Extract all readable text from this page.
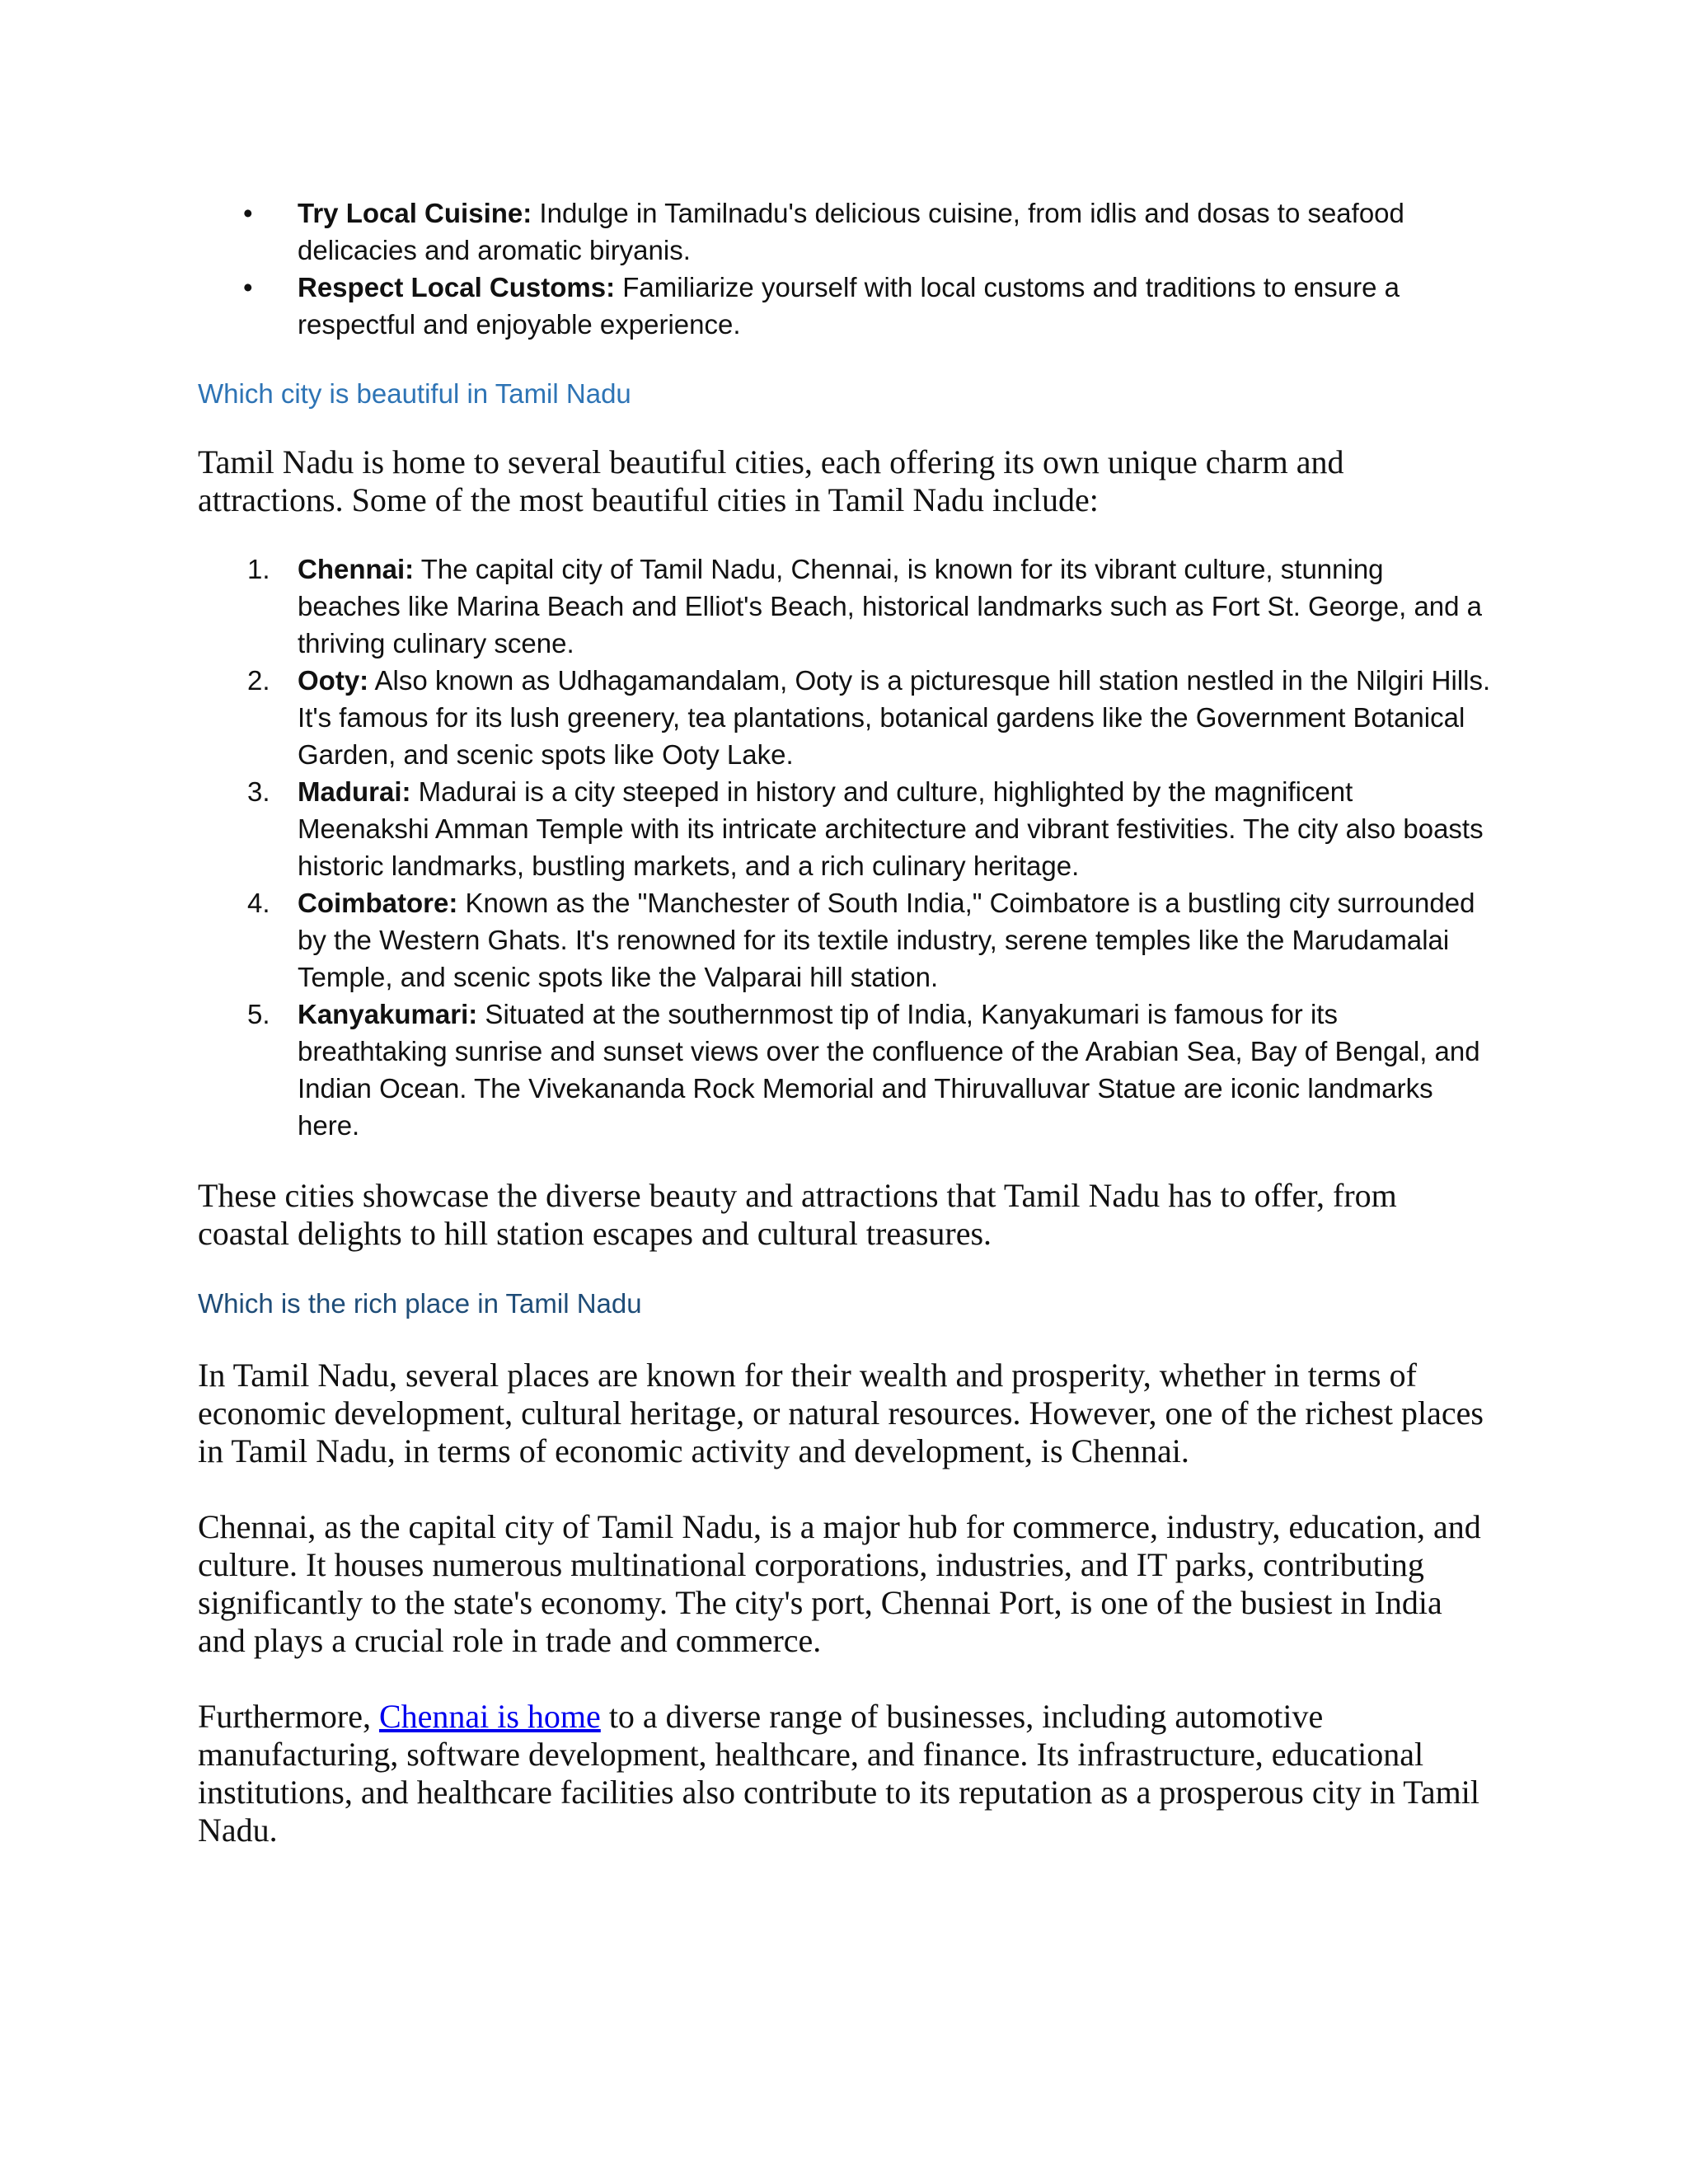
• Try Local Cuisine: Indulge in Tamilnadu's delicious cuisine, from idlis and dosas to seafood delicacies and aromatic biryanis.
• Respect Local Customs: Familiarize yourself with local customs and traditions to ensure a respectful and enjoyable experience.
Which city is beautiful in Tamil Nadu

Tamil Nadu is home to several beautiful cities, each offering its own unique charm and attractions. Some of the most beautiful cities in Tamil Nadu include:

1. Chennai: The capital city of Tamil Nadu, Chennai, is known for its vibrant culture, stunning beaches like Marina Beach and Elliot's Beach, historical landmarks such as Fort St. George, and a thriving culinary scene.
2. Ooty: Also known as Udhagamandalam, Ooty is a picturesque hill station nestled in the Nilgiri Hills. It's famous for its lush greenery, tea plantations, botanical gardens like the Government Botanical Garden, and scenic spots like Ooty Lake.
3. Madurai: Madurai is a city steeped in history and culture, highlighted by the magnificent Meenakshi Amman Temple with its intricate architecture and vibrant festivities. The city also boasts historic landmarks, bustling markets, and a rich culinary heritage.
4. Coimbatore: Known as the "Manchester of South India," Coimbatore is a bustling city surrounded by the Western Ghats. It's renowned for its textile industry, serene temples like the Marudamalai Temple, and scenic spots like the Valparai hill station.
5. Kanyakumari: Situated at the southernmost tip of India, Kanyakumari is famous for its breathtaking sunrise and sunset views over the confluence of the Arabian Sea, Bay of Bengal, and Indian Ocean. The Vivekananda Rock Memorial and Thiruvalluvar Statue are iconic landmarks here.

These cities showcase the diverse beauty and attractions that Tamil Nadu has to offer, from coastal delights to hill station escapes and cultural treasures.

Which is the rich place in Tamil Nadu

In Tamil Nadu, several places are known for their wealth and prosperity, whether in terms of economic development, cultural heritage, or natural resources. However, one of the richest places in Tamil Nadu, in terms of economic activity and development, is Chennai.

Chennai, as the capital city of Tamil Nadu, is a major hub for commerce, industry, education, and culture. It houses numerous multinational corporations, industries, and IT parks, contributing significantly to the state's economy. The city's port, Chennai Port, is one of the busiest in India and plays a crucial role in trade and commerce.

Furthermore, Chennai is home to a diverse range of businesses, including automotive manufacturing, software development, healthcare, and finance. Its infrastructure, educational institutions, and healthcare facilities also contribute to its reputation as a prosperous city in Tamil Nadu.
